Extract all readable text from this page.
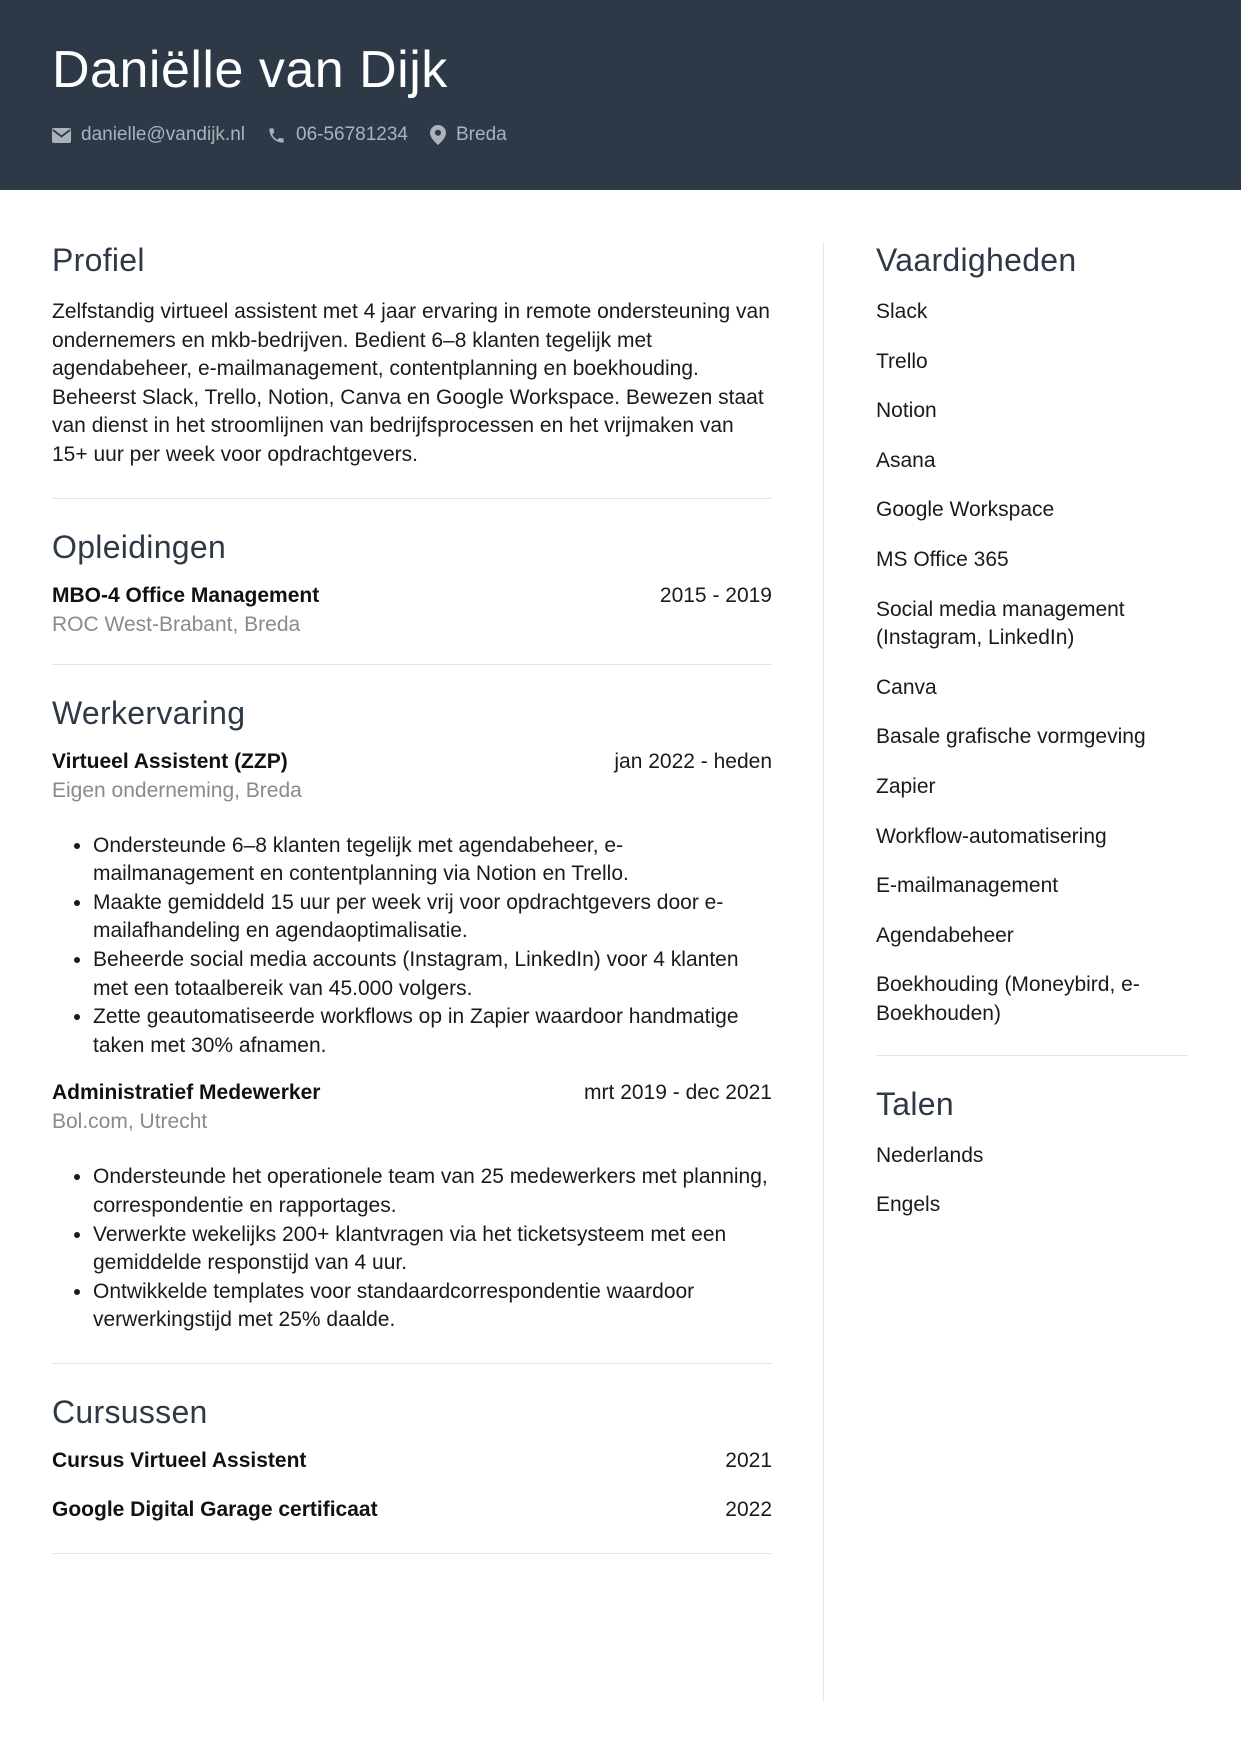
Daniëlle van Dijk
danielle@vandijk.nl	06-56781234	Breda
Profiel
Zelfstandig virtueel assistent met 4 jaar ervaring in remote ondersteuning van ondernemers en mkb-bedrijven. Bedient 6–8 klanten tegelijk met agendabeheer, e-mailmanagement, contentplanning en boekhouding. Beheerst Slack, Trello, Notion, Canva en Google Workspace. Bewezen staat van dienst in het stroomlijnen van bedrijfsprocessen en het vrijmaken van 15+ uur per week voor opdrachtgevers.
Opleidingen
MBO-4 Office Management	2015 - 2019
ROC West-Brabant, Breda
Werkervaring
Virtueel Assistent (ZZP)	jan 2022 - heden
Eigen onderneming, Breda
• Ondersteunde 6–8 klanten tegelijk met agendabeheer, e-mailmanagement en contentplanning via Notion en Trello.
• Maakte gemiddeld 15 uur per week vrij voor opdrachtgevers door e-mailafhandeling en agendaoptimalisatie.
• Beheerde social media accounts (Instagram, LinkedIn) voor 4 klanten met een totaalbereik van 45.000 volgers.
• Zette geautomatiseerde workflows op in Zapier waardoor handmatige taken met 30% afnamen.
Administratief Medewerker	mrt 2019 - dec 2021
Bol.com, Utrecht
• Ondersteunde het operationele team van 25 medewerkers met planning, correspondentie en rapportages.
• Verwerkte wekelijks 200+ klantvragen via het ticketsysteem met een gemiddelde responstijd van 4 uur.
• Ontwikkelde templates voor standaardcorrespondentie waardoor verwerkingstijd met 25% daalde.
Cursussen
Cursus Virtueel Assistent	2021
Google Digital Garage certificaat	2022
Vaardigheden
Slack
Trello
Notion
Asana
Google Workspace
MS Office 365
Social media management (Instagram, LinkedIn)
Canva
Basale grafische vormgeving
Zapier
Workflow-automatisering
E-mailmanagement
Agendabeheer
Boekhouding (Moneybird, e-Boekhouden)
Talen
Nederlands
Engels
